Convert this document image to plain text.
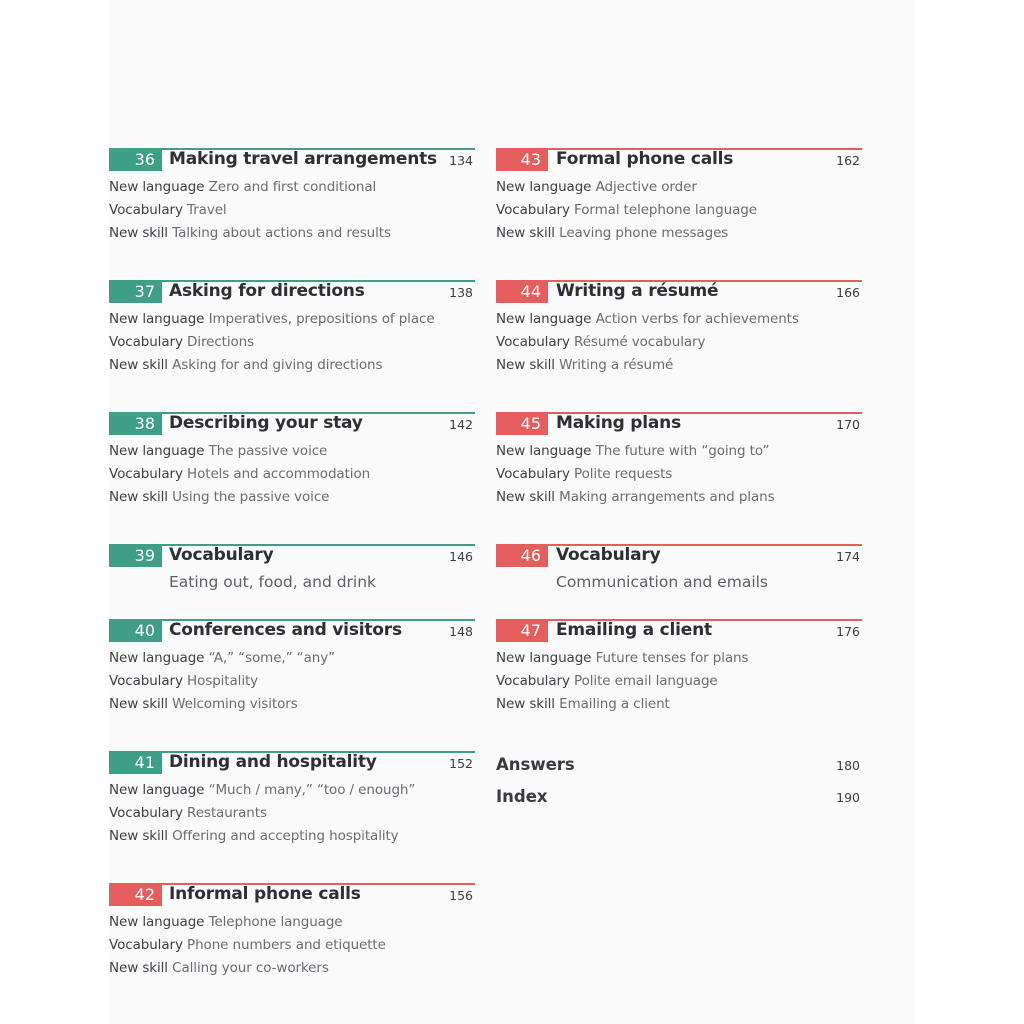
36 Making travel arrangements 134
New language Zero and first conditional
Vocabulary Travel
New skill Talking about actions and results
37 Asking for directions	138
New language Imperatives, prepositions of place
Vocabulary Directions
New skill Asking for and giving directions
38 Describing your stay	142
New language The passive voice
Vocabulary Hotels and accommodation
New skill Using the passive voice
39 Vocabulary	146
Eating out, food, and drink
40 Conferences and visitors	148
New language “A,” “some,” “any”
Vocabulary Hospitality
New skill Welcoming visitors
41 Dining and hospitality	152
New language “Much / many,” “too / enough”
Vocabulary Restaurants
New skill Offering and accepting hospitality
42 Informal phone calls	156
New language Telephone language
Vocabulary Phone numbers and etiquette
New skill Calling your co-workers
43 Formal phone calls	162
New language Adjective order
Vocabulary Formal telephone language
New skill Leaving phone messages
44 Writing a résumé	166
New language Action verbs for achievements
Vocabulary Résumé vocabulary
New skill Writing a résumé
45 Making plans	170
New language The future with “going to”
Vocabulary Polite requests
New skill Making arrangements and plans
46 Vocabulary	174
Communication and emails
47 Emailing a client	176
New language Future tenses for plans
Vocabulary Polite email language
New skill Emailing a client
Answers	180
Index	190
